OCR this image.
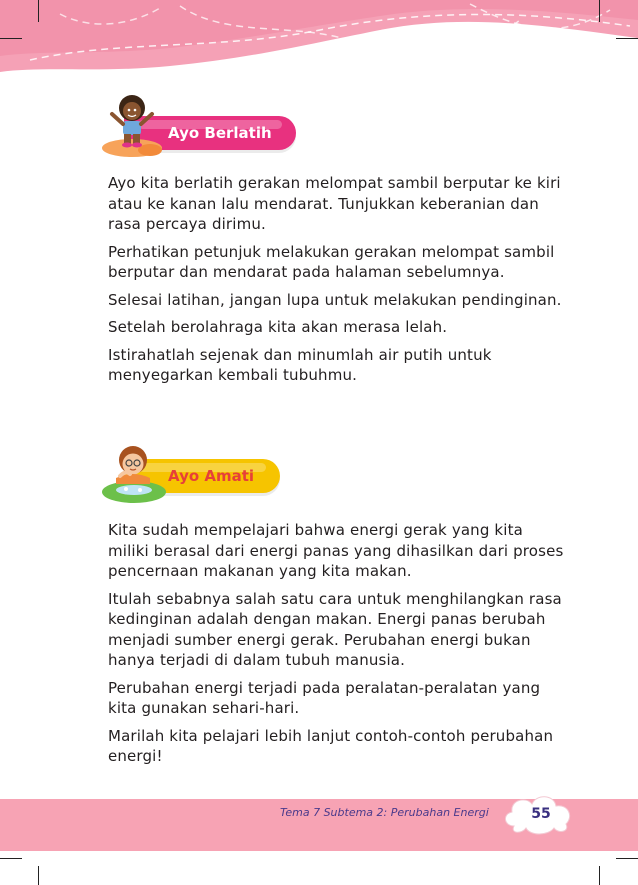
Ayo Berlatih

Ayo kita berlatih gerakan melompat sambil berputar ke kiri atau ke kanan lalu mendarat. Tunjukkan keberanian dan rasa percaya dirimu.

Perhatikan petunjuk melakukan gerakan melompat sambil berputar dan mendarat pada halaman sebelumnya.

Selesai latihan, jangan lupa untuk melakukan pendinginan.

Setelah berolahraga kita akan merasa lelah.

Istirahatlah sejenak dan minumlah air putih untuk menyegarkan kembali tubuhmu.

Ayo Amati

Kita sudah mempelajari bahwa energi gerak yang kita miliki berasal dari energi panas yang dihasilkan dari proses pencernaan makanan yang kita makan.

Itulah sebabnya salah satu cara untuk menghilangkan rasa kedinginan adalah dengan makan. Energi panas berubah menjadi sumber energi gerak. Perubahan energi bukan hanya terjadi di dalam tubuh manusia.

Perubahan energi terjadi pada peralatan-peralatan yang kita gunakan sehari-hari.

Marilah kita pelajari lebih lanjut contoh-contoh perubahan energi!

Tema 7 Subtema 2: Perubahan Energi	55
